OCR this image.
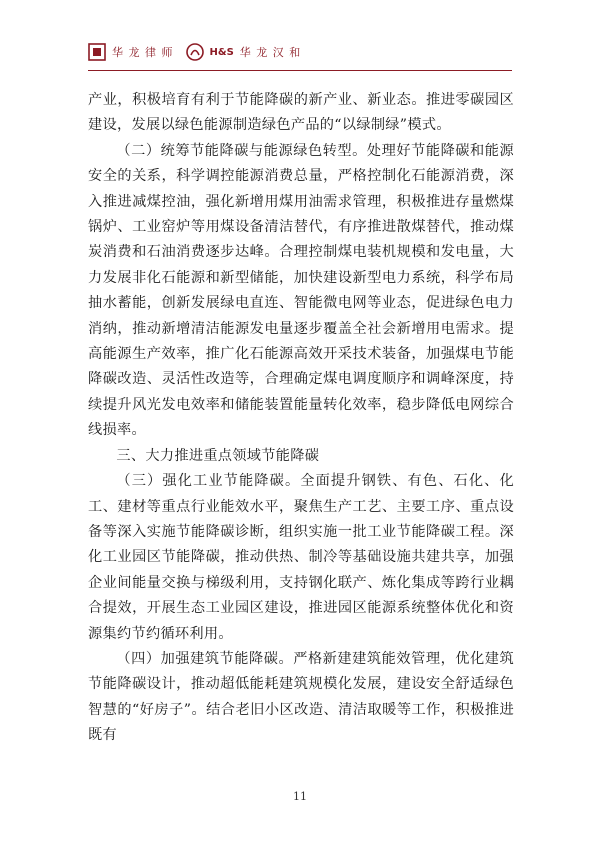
华 龙 律 师	H&S 华 龙 汉 和

产业，积极培育有利于节能降碳的新产业、新业态。推进零碳园区建设，发展以绿色能源制造绿色产品的“以绿制绿”模式。

（二）统筹节能降碳与能源绿色转型。处理好节能降碳和能源安全的关系，科学调控能源消费总量，严格控制化石能源消费，深入推进减煤控油，强化新增用煤用油需求管理，积极推进存量燃煤锅炉、工业窑炉等用煤设备清洁替代，有序推进散煤替代，推动煤炭消费和石油消费逐步达峰。合理控制煤电装机规模和发电量，大力发展非化石能源和新型储能，加快建设新型电力系统，科学布局抽水蓄能，创新发展绿电直连、智能微电网等业态，促进绿色电力消纳，推动新增清洁能源发电量逐步覆盖全社会新增用电需求。提高能源生产效率，推广化石能源高效开采技术装备，加强煤电节能降碳改造、灵活性改造等，合理确定煤电调度顺序和调峰深度，持续提升风光发电效率和储能装置能量转化效率，稳步降低电网综合线损率。

三、大力推进重点领域节能降碳

（三）强化工业节能降碳。全面提升钢铁、有色、石化、化工、建材等重点行业能效水平，聚焦生产工艺、主要工序、重点设备等深入实施节能降碳诊断，组织实施一批工业节能降碳工程。深化工业园区节能降碳，推动供热、制冷等基础设施共建共享，加强企业间能量交换与梯级利用，支持钢化联产、炼化集成等跨行业耦合提效，开展生态工业园区建设，推进园区能源系统整体优化和资源集约节约循环利用。

（四）加强建筑节能降碳。严格新建建筑能效管理，优化建筑节能降碳设计，推动超低能耗建筑规模化发展，建设安全舒适绿色智慧的“好房子”。结合老旧小区改造、清洁取暖等工作，积极推进既有

11
